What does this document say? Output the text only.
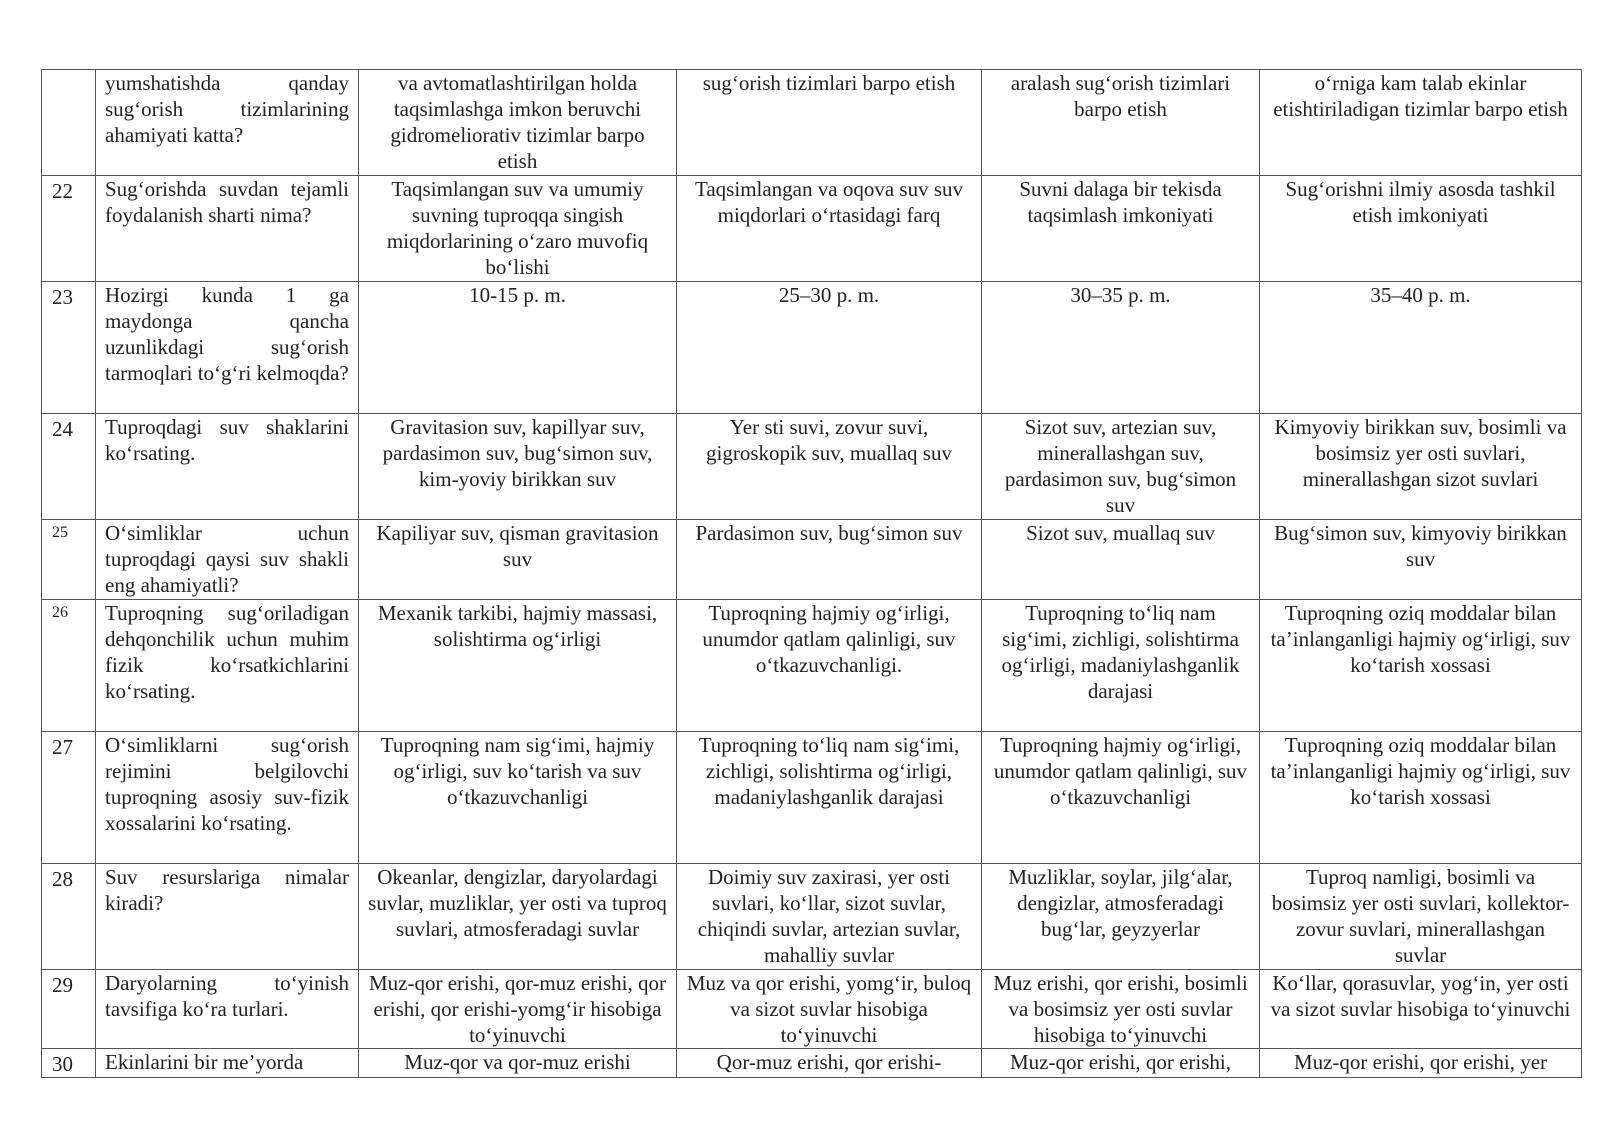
	yumshatishda qanday sug‘orish tizimlarining ahamiyati katta?	va avtomatlashtirilgan holda taqsimlashga imkon beruvchi gidromeliorativ tizimlar barpo etish	sug‘orish tizimlari barpo etish	aralash sug‘orish tizimlari barpo etish	o‘rniga kam talab ekinlar etishtiriladigan tizimlar barpo etish
22	Sug‘orishda suvdan tejamli foydalanish sharti nima?	Taqsimlangan suv va umumiy suvning tuproqqa singish miqdorlarining o‘zaro muvofiq bo‘lishi	Taqsimlangan va oqova suv suv miqdorlari o‘rtasidagi farq	Suvni dalaga bir tekisda taqsimlash imkoniyati	Sug‘orishni ilmiy asosda tashkil etish imkoniyati
23	Hozirgi kunda 1 ga maydonga qancha uzunlikdagi sug‘orish tarmoqlari to‘g‘ri kelmoqda?	10-15 p. m.	25–30 p. m.	30–35 p. m.	35–40 p. m.
24	Tuproqdagi suv shaklarini ko‘rsating.	Gravitasion suv, kapillyar suv, pardasimon suv, bug‘simon suv, kim-yoviy birikkan suv	Yer sti suvi, zovur suvi, gigroskopik suv, muallaq suv	Sizot suv, artezian suv, minerallashgan suv, pardasimon suv, bug‘simon suv	Kimyoviy birikkan suv, bosimli va bosimsiz yer osti suvlari, minerallashgan sizot suvlari
25	O‘simliklar uchun tuproqdagi qaysi suv shakli eng ahamiyatli?	Kapiliyar suv, qisman gravitasion suv	Pardasimon suv, bug‘simon suv	Sizot suv, muallaq suv	Bug‘simon suv, kimyoviy birikkan suv
26	Tuproqning sug‘oriladigan dehqonchilik uchun muhim fizik ko‘rsatkichlarini ko‘rsating.	Mexanik tarkibi, hajmiy massasi, solishtirma og‘irligi	Tuproqning hajmiy og‘irligi, unumdor qatlam qalinligi, suv o‘tkazuvchanligi.	Tuproqning to‘liq nam sig‘imi, zichligi, solishtirma og‘irligi, madaniylashganlik darajasi	Tuproqning oziq moddalar bilan ta’inlanganligi hajmiy og‘irligi, suv ko‘tarish xossasi
27	O‘simliklarni sug‘orish rejimini belgilovchi tuproqning asosiy suv-fizik xossalarini ko‘rsating.	Tuproqning nam sig‘imi, hajmiy og‘irligi, suv ko‘tarish va suv o‘tkazuvchanligi	Tuproqning to‘liq nam sig‘imi, zichligi, solishtirma og‘irligi, madaniylashganlik darajasi	Tuproqning hajmiy og‘irligi, unumdor qatlam qalinligi, suv o‘tkazuvchanligi	Tuproqning oziq moddalar bilan ta’inlanganligi hajmiy og‘irligi, suv ko‘tarish xossasi
28	Suv resurslariga nimalar kiradi?	Okeanlar, dengizlar, daryolardagi suvlar, muzliklar, yer osti va tuproq suvlari, atmosferadagi suvlar	Doimiy suv zaxirasi, yer osti suvlari, ko‘llar, sizot suvlar, chiqindi suvlar, artezian suvlar, mahalliy suvlar	Muzliklar, soylar, jilg‘alar, dengizlar, atmosferadagi bug‘lar, geyzyerlar	Tuproq namligi, bosimli va bosimsiz yer osti suvlari, kollektor-zovur suvlari, minerallashgan suvlar
29	Daryolarning to‘yinish tavsifiga ko‘ra turlari.	Muz-qor erishi, qor-muz erishi, qor erishi, qor erishi-yomg‘ir hisobiga to‘yinuvchi	Muz va qor erishi, yomg‘ir, buloq va sizot suvlar hisobiga to‘yinuvchi	Muz erishi, qor erishi, bosimli va bosimsiz yer osti suvlar hisobiga to‘yinuvchi	Ko‘llar, qorasuvlar, yog‘in, yer osti va sizot suvlar hisobiga to‘yinuvchi
30	Ekinlarini bir me’yorda	Muz-qor va qor-muz erishi	Qor-muz erishi, qor erishi-	Muz-qor erishi, qor erishi,	Muz-qor erishi, qor erishi, yer
